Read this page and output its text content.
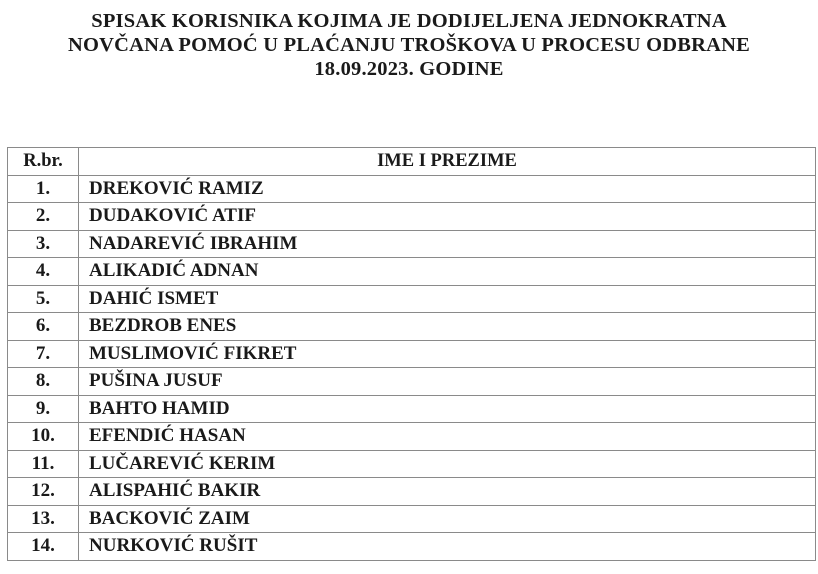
SPISAK KORISNIKA KOJIMA JE DODIJELJENA JEDNOKRATNA
NOVČANA POMOĆ U PLAĆANJU TROŠKOVA U PROCESU ODBRANE
18.09.2023. GODINE
R.br.	IME I PREZIME
1.	DREKOVIĆ RAMIZ
2.	DUDAKOVIĆ ATIF
3.	NADAREVIĆ IBRAHIM
4.	ALIKADIĆ ADNAN
5.	DAHIĆ ISMET
6.	BEZDROB ENES
7.	MUSLIMOVIĆ FIKRET
8.	PUŠINA JUSUF
9.	BAHTO HAMID
10.	EFENDIĆ HASAN
11.	LUČAREVIĆ KERIM
12.	ALISPAHIĆ BAKIR
13.	BACKOVIĆ ZAIM
14.	NURKOVIĆ RUŠIT
